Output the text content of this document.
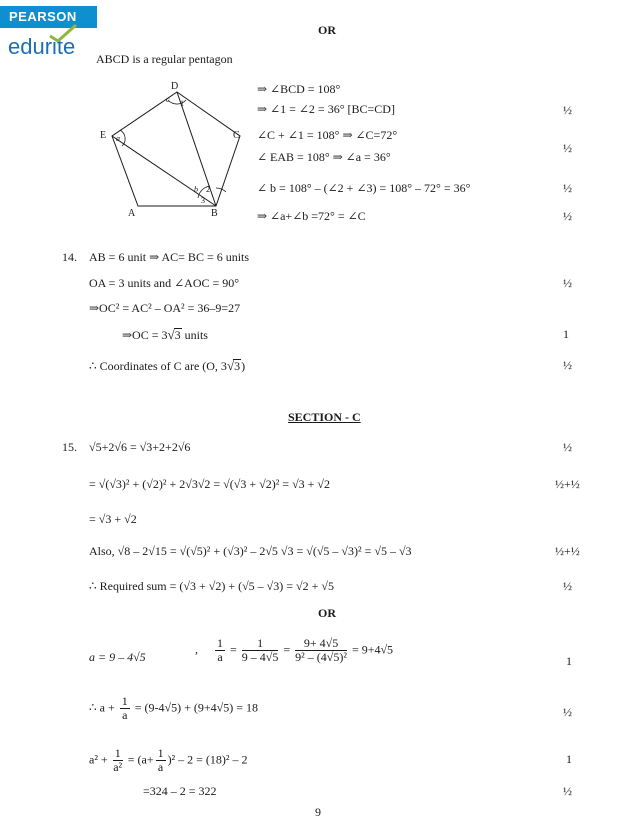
PEARSON
edurite
OR
ABCD is a regular pentagon
D
C
E
A	B
c 1
a
b 2
3
⇒ ∠BCD = 108°
⇒ ∠1 = ∠2 = 36° [BC=CD]
∠C + ∠1 = 108° ⇒ ∠C=72°
∠ EAB = 108° ⇒ ∠a = 36°
∠ b = 108° – (∠2 + ∠3) = 108° – 72° = 36°
⇒ ∠a+∠b =72° = ∠C
½
½
½
½
14. AB = 6 unit ⇒ AC= BC = 6 units
OA = 3 units and ∠AOC = 90°
⇒OC² = AC² – OA² = 36–9=27
⇒OC = 3√3 units
∴ Coordinates of C are (O, 3√3)
½
1
½
SECTION - C
15. √5+2√6 = √3+2+2√6
= √(√3)² + (√2)² + 2√3√2 = √(√3 + √2)² = √3 + √2
= √3 + √2
Also, √8 – 2√15 = √(√5)² + (√3)² – 2√5 √3 = √(√5 – √3)² = √5 – √3
∴ Required sum = (√3 + √2) + (√5 – √3) = √2 + √5
½
½+½
½+½
½
OR
a = 9 – 4√5
, $\frac{1}{a} = \frac{1}{9 - 4√5} = \frac{9+ 4√5}{\text{9² – (4√5)²}} = 9+4√5$
∴ $a + \frac{1}{a} = (9-4√5) + (9+4√5) = 18$
$a^2 + \frac{1}{\text{a²}} = (a+ \frac{1}{a} )^2 - 2 = (18)^2 - 2$
=324 – 2 = 322
1
½
1
½
9
